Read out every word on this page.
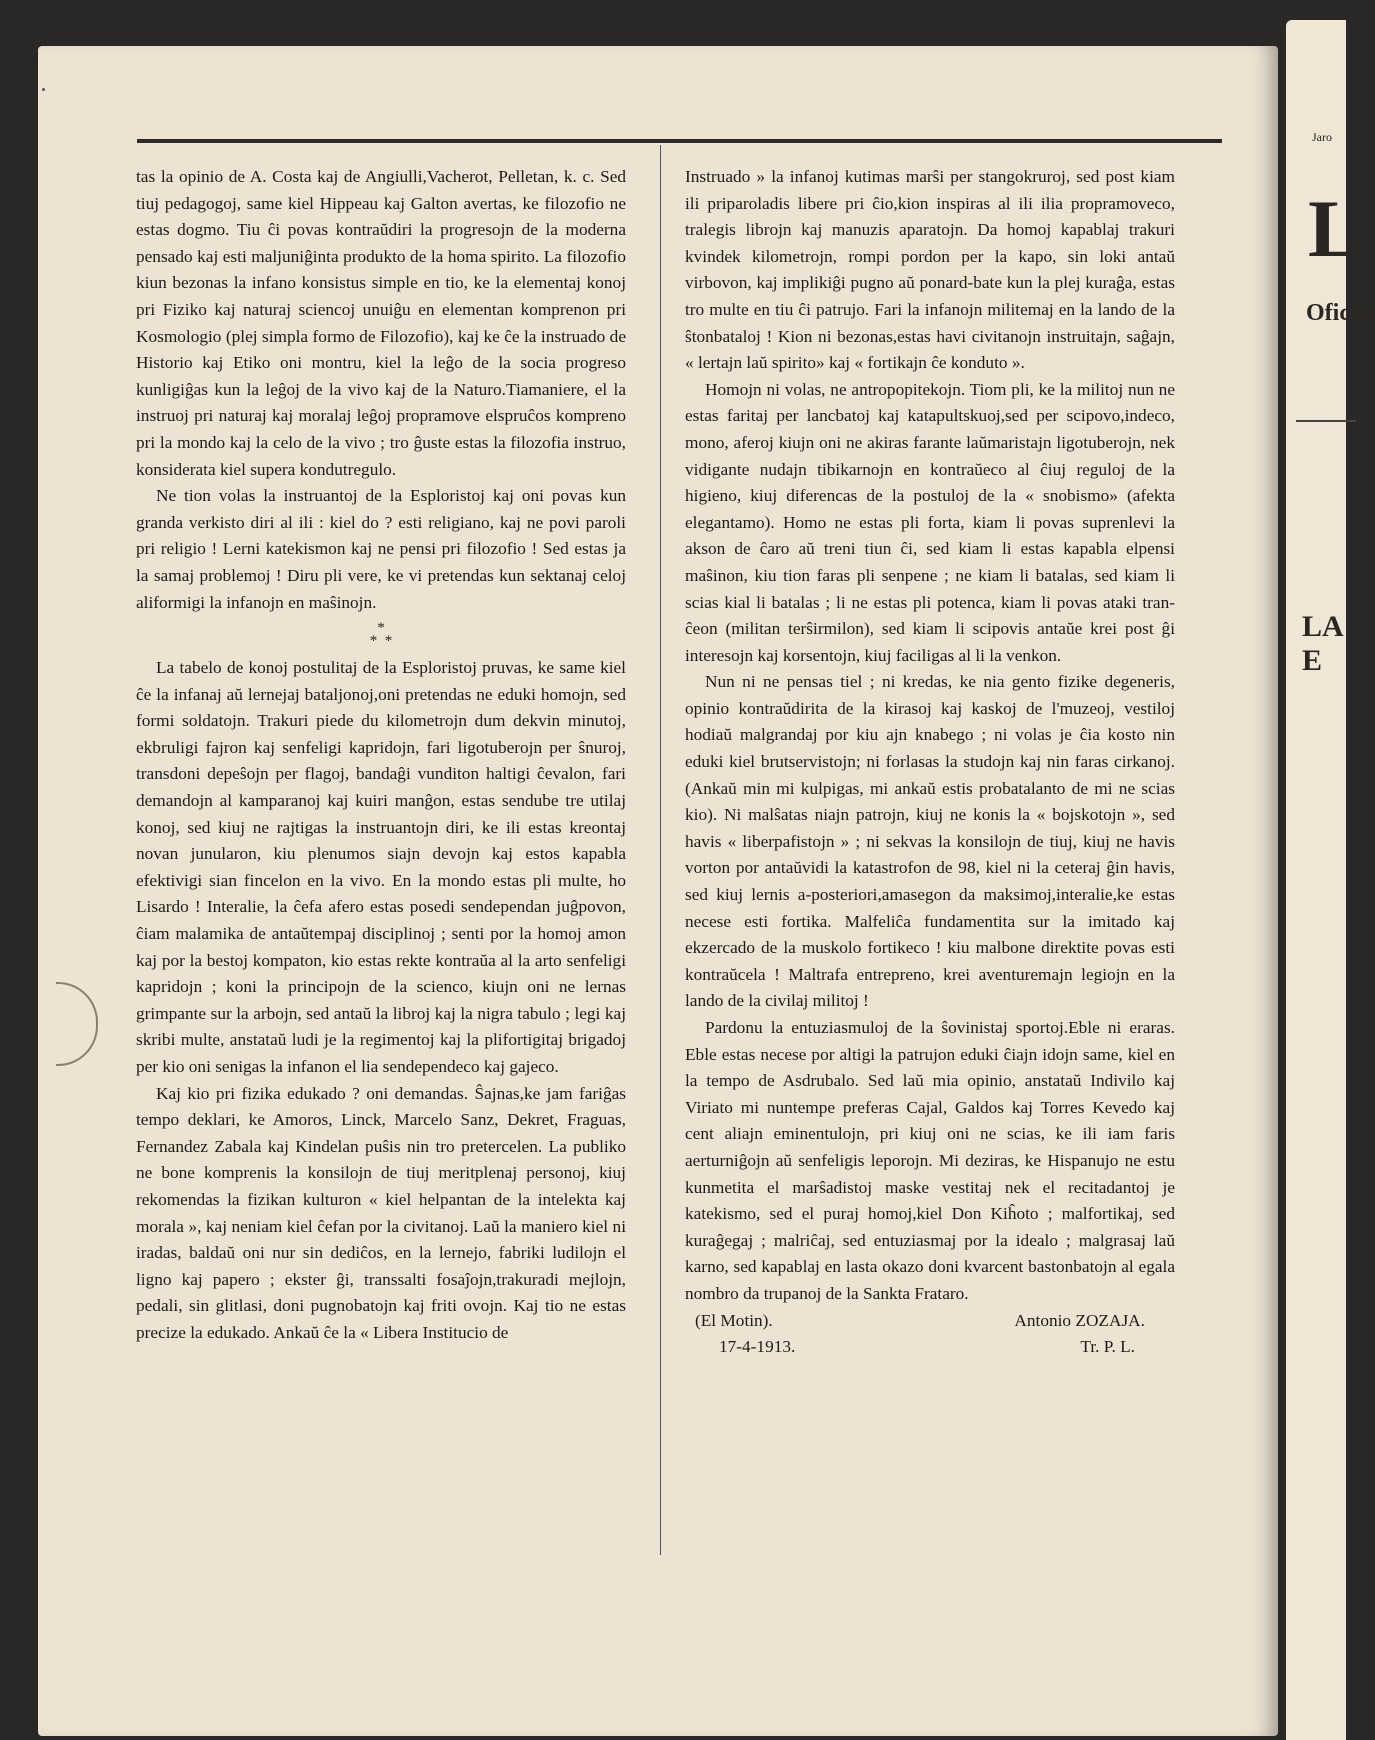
tas la opinio de A. Costa kaj de Angiulli,Vacherot, Pelletan, k. c. Sed tiuj pedagogoj, same kiel Hippeau kaj Galton avertas, ke filozofio ne estas dogmo. Tiu ĉi povas kontraŭdiri la progresojn de la moderna pensado kaj esti maljuniĝinta produkto de la homa spirito. La filozofio kiun bezonas la infano konsistus simple en tio, ke la elementaj konoj pri Fiziko kaj naturaj sciencoj unuiĝu en elementan komprenon pri Kosmologio (plej simpla formo de Filozofio), kaj ke ĉe la instruado de Historio kaj Etiko oni montru, kiel la leĝo de la socia progreso kunligiĝas kun la leĝoj de la vivo kaj de la Naturo.Tiamaniere, el la instruoj pri naturaj kaj moralaj leĝoj propramove elspruĉos kompreno pri la mondo kaj la celo de la vivo ; tro ĝuste estas la filozofia instruo, konsiderata kiel supera kondutregulo.

Ne tion volas la instruantoj de la Esploristoj kaj oni povas kun granda verkisto diri al ili : kiel do ? esti religiano, kaj ne povi paroli pri religio ! Lerni katekismon kaj ne pensi pri filozofio ! Sed estas ja la samaj problemoj ! Diru pli vere, ke vi pretendas kun sektanaj celoj aliformigi la infanojn en maŝinojn.

*
*  *

La tabelo de konoj postulitaj de la Esploristoj pruvas, ke same kiel ĉe la infanaj aŭ lernejaj bataljonoj,oni pretendas ne eduki homojn, sed formi soldatojn. Trakuri piede du kilometrojn dum dekvin minutoj, ekbruligi fajron kaj senfeligi kapridojn, fari ligotuberojn per ŝnuroj, transdoni depeŝojn per flagoj, bandaĝi vunditon haltigi ĉevalon, fari demandojn al kamparanoj kaj kuiri manĝon, estas sendube tre utilaj konoj, sed kiuj ne rajtigas la instruantojn diri, ke ili estas kreontaj novan junularon, kiu plenumos siajn devojn kaj estos kapabla efektivigi sian fincelon en la vivo. En la mondo estas pli multe, ho Lisardo ! Interalie, la ĉefa afero estas posedi sendependan juĝpovon, ĉiam malamika de antaŭtempaj disciplinoj ; senti por la homoj amon kaj por la bestoj kompaton, kio estas rekte kontraŭa al la arto senfeligi kapridojn ; koni la principojn de la scienco, kiujn oni ne lernas grimpante sur la arbojn, sed antaŭ la libroj kaj la nigra tabulo ; legi kaj skribi multe, anstataŭ ludi je la regimentoj kaj la plifortigitaj brigadoj per kio oni senigas la infanon el lia sendependeco kaj gajeco.

Kaj kio pri fizika edukado ? oni demandas. Ŝajnas,ke jam fariĝas tempo deklari, ke Amoros, Linck, Marcelo Sanz, Dekret, Fraguas, Fernandez Zabala kaj Kindelan puŝis nin tro pretercelen. La publiko ne bone komprenis la konsilojn de tiuj meritplenaj personoj, kiuj rekomendas la fizikan kulturon « kiel helpantan de la intelekta kaj morala », kaj neniam kiel ĉefan por la civitanoj. Laŭ la maniero kiel ni iradas, baldaŭ oni nur sin dediĉos, en la lernejo, fabriki ludilojn el ligno kaj papero ; ekster ĝi, transsalti fosaĵojn,trakuradi mejlojn, pedali, sin glitlasi, doni pugnobatojn kaj friti ovojn. Kaj tio ne estas precize la edukado. Ankaŭ ĉe la « Libera Institucio de

Instruado » la infanoj kutimas marŝi per stangokruroj, sed post kiam ili priparoladis libere pri ĉio,kion inspiras al ili ilia propramoveco, tralegis librojn kaj manuzis aparatojn. Da homoj kapablaj trakuri kvindek kilometrojn, rompi pordon per la kapo, sin loki antaŭ virbovon, kaj implikiĝi pugno aŭ ponard-bate kun la plej kuraĝa, estas tro multe en tiu ĉi patrujo. Fari la infanojn militemaj en la lando de la ŝtonbataloj ! Kion ni bezonas,estas havi civitanojn instruitajn, saĝajn, « lertajn laŭ spirito» kaj « fortikajn ĉe konduto ».

Homojn ni volas, ne antropopitekojn. Tiom pli, ke la militoj nun ne estas faritaj per lancbatoj kaj katapultskuoj,sed per scipovo,indeco, mono, aferoj kiujn oni ne akiras farante laŭmaristajn ligotuberojn, nek vidigante nudajn tibikarnojn en kontraŭeco al ĉiuj reguloj de la higieno, kiuj diferencas de la postuloj de la « snobismo» (afekta elegantamo). Homo ne estas pli forta, kiam li povas suprenlevi la akson de ĉaro aŭ treni tiun ĉi, sed kiam li estas kapabla elpensi maŝinon, kiu tion faras pli senpene ; ne kiam li batalas, sed kiam li scias kial li batalas ; li ne estas pli potenca, kiam li povas ataki tranĉeon (militan terŝirmilon), sed kiam li scipovis antaŭe krei post ĝi interesojn kaj korsentojn, kiuj faciligas al li la venkon.

Nun ni ne pensas tiel ; ni kredas, ke nia gento fizike degeneris, opinio kontraŭdirita de la kirasoj kaj kaskoj de l'muzeoj, vestiloj hodiaŭ malgrandaj por kiu ajn knabego ; ni volas je ĉia kosto nin eduki kiel brutservistojn; ni forlasas la studojn kaj nin faras cirkanoj. (Ankaŭ min mi kulpigas, mi ankaŭ estis probatalanto de mi ne scias kio). Ni malŝatas niajn patrojn, kiuj ne konis la « bojskotojn », sed havis « liberpafistojn » ; ni sekvas la konsilojn de tiuj, kiuj ne havis vorton por antaŭvidi la katastrofon de 98, kiel ni la ceteraj ĝin havis, sed kiuj lernis a-posteriori,amasegon da maksimoj,interalie,ke estas necese esti fortika. Malfeliĉa fundamentita sur la imitado kaj ekzercado de la muskolo fortikeco ! kiu malbone direktite povas esti kontraŭcela ! Maltrafa entrepreno, krei aventuremajn legiojn en la lando de la civilaj militoj !

Pardonu la entuziasmuloj de la ŝovinistaj sportoj.Eble ni eraras. Eble estas necese por altigi la patrujon eduki ĉiajn idojn same, kiel en la tempo de Asdrubalo. Sed laŭ mia opinio, anstataŭ Indivilo kaj Viriato mi nuntempe preferas Cajal, Galdos kaj Torres Kevedo kaj cent aliajn eminentulojn, pri kiuj oni ne scias, ke ili iam faris aerturniĝojn aŭ senfeligis leporojn. Mi deziras, ke Hispanujo ne estu kunmetita el marŝadistoj maske vestitaj nek el recitadantoj je katekismo, sed el puraj homoj,kiel Don Kiĥoto ; malfortikaj, sed kuraĝegaj ; malriĉaj, sed entuziasmaj por la idealo ; malgrasaj laŭ karno, sed kapablaj en lasta okazo doni kvarcent bastonbatojn al egala nombro da trupanoj de la Sankta Frataro.

(El Motin).	Antonio ZOZAJA.
17-4-1913.	Tr. P. L.
Jaro
L
Oficial
LA E
